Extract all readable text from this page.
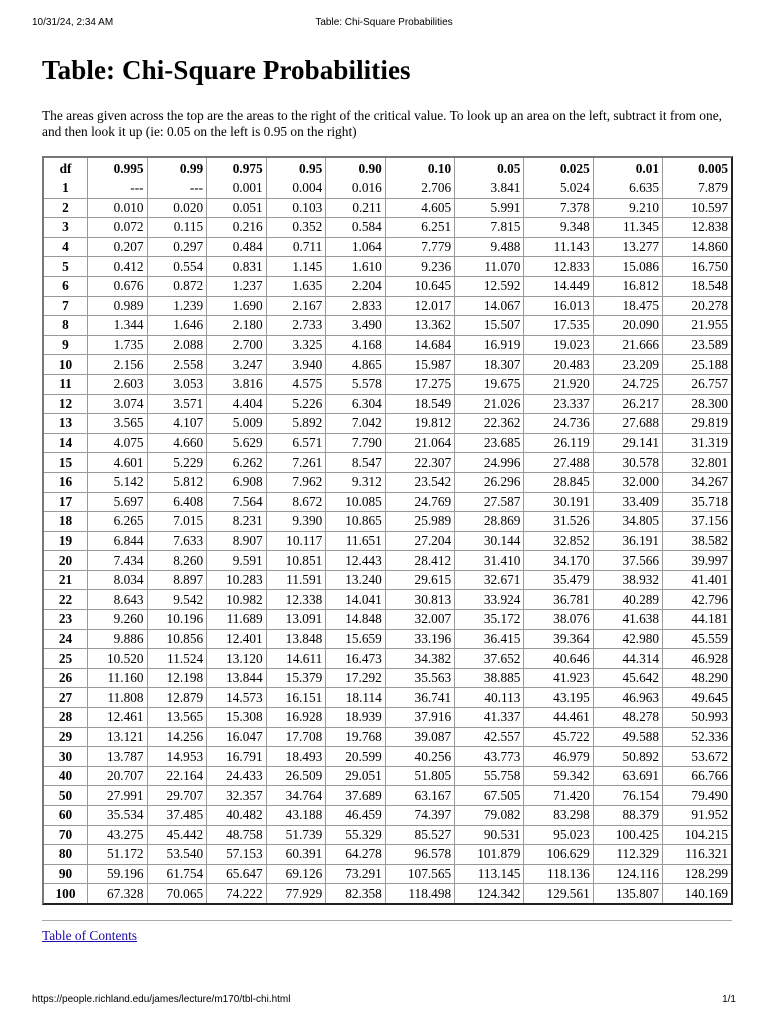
10/31/24, 2:34 AM	Table: Chi-Square Probabilities
Table: Chi-Square Probabilities

The areas given across the top are the areas to the right of the critical value. To look up an area on the left, subtract it from one, and then look it up (ie: 0.05 on the left is 0.95 on the right)

df	0.995	0.99	0.975	0.95	0.90	0.10	0.05	0.025	0.01	0.005
1	---	---	0.001	0.004	0.016	2.706	3.841	5.024	6.635	7.879
2	0.010	0.020	0.051	0.103	0.211	4.605	5.991	7.378	9.210	10.597
3	0.072	0.115	0.216	0.352	0.584	6.251	7.815	9.348	11.345	12.838
4	0.207	0.297	0.484	0.711	1.064	7.779	9.488	11.143	13.277	14.860
5	0.412	0.554	0.831	1.145	1.610	9.236	11.070	12.833	15.086	16.750
6	0.676	0.872	1.237	1.635	2.204	10.645	12.592	14.449	16.812	18.548
7	0.989	1.239	1.690	2.167	2.833	12.017	14.067	16.013	18.475	20.278
8	1.344	1.646	2.180	2.733	3.490	13.362	15.507	17.535	20.090	21.955
9	1.735	2.088	2.700	3.325	4.168	14.684	16.919	19.023	21.666	23.589
10	2.156	2.558	3.247	3.940	4.865	15.987	18.307	20.483	23.209	25.188
11	2.603	3.053	3.816	4.575	5.578	17.275	19.675	21.920	24.725	26.757
12	3.074	3.571	4.404	5.226	6.304	18.549	21.026	23.337	26.217	28.300
13	3.565	4.107	5.009	5.892	7.042	19.812	22.362	24.736	27.688	29.819
14	4.075	4.660	5.629	6.571	7.790	21.064	23.685	26.119	29.141	31.319
15	4.601	5.229	6.262	7.261	8.547	22.307	24.996	27.488	30.578	32.801
16	5.142	5.812	6.908	7.962	9.312	23.542	26.296	28.845	32.000	34.267
17	5.697	6.408	7.564	8.672	10.085	24.769	27.587	30.191	33.409	35.718
18	6.265	7.015	8.231	9.390	10.865	25.989	28.869	31.526	34.805	37.156
19	6.844	7.633	8.907	10.117	11.651	27.204	30.144	32.852	36.191	38.582
20	7.434	8.260	9.591	10.851	12.443	28.412	31.410	34.170	37.566	39.997
21	8.034	8.897	10.283	11.591	13.240	29.615	32.671	35.479	38.932	41.401
22	8.643	9.542	10.982	12.338	14.041	30.813	33.924	36.781	40.289	42.796
23	9.260	10.196	11.689	13.091	14.848	32.007	35.172	38.076	41.638	44.181
24	9.886	10.856	12.401	13.848	15.659	33.196	36.415	39.364	42.980	45.559
25	10.520	11.524	13.120	14.611	16.473	34.382	37.652	40.646	44.314	46.928
26	11.160	12.198	13.844	15.379	17.292	35.563	38.885	41.923	45.642	48.290
27	11.808	12.879	14.573	16.151	18.114	36.741	40.113	43.195	46.963	49.645
28	12.461	13.565	15.308	16.928	18.939	37.916	41.337	44.461	48.278	50.993
29	13.121	14.256	16.047	17.708	19.768	39.087	42.557	45.722	49.588	52.336
30	13.787	14.953	16.791	18.493	20.599	40.256	43.773	46.979	50.892	53.672
40	20.707	22.164	24.433	26.509	29.051	51.805	55.758	59.342	63.691	66.766
50	27.991	29.707	32.357	34.764	37.689	63.167	67.505	71.420	76.154	79.490
60	35.534	37.485	40.482	43.188	46.459	74.397	79.082	83.298	88.379	91.952
70	43.275	45.442	48.758	51.739	55.329	85.527	90.531	95.023	100.425	104.215
80	51.172	53.540	57.153	60.391	64.278	96.578	101.879	106.629	112.329	116.321
90	59.196	61.754	65.647	69.126	73.291	107.565	113.145	118.136	124.116	128.299
100	67.328	70.065	74.222	77.929	82.358	118.498	124.342	129.561	135.807	140.169
Table of Contents
https://people.richland.edu/james/lecture/m170/tbl-chi.html	1/1
